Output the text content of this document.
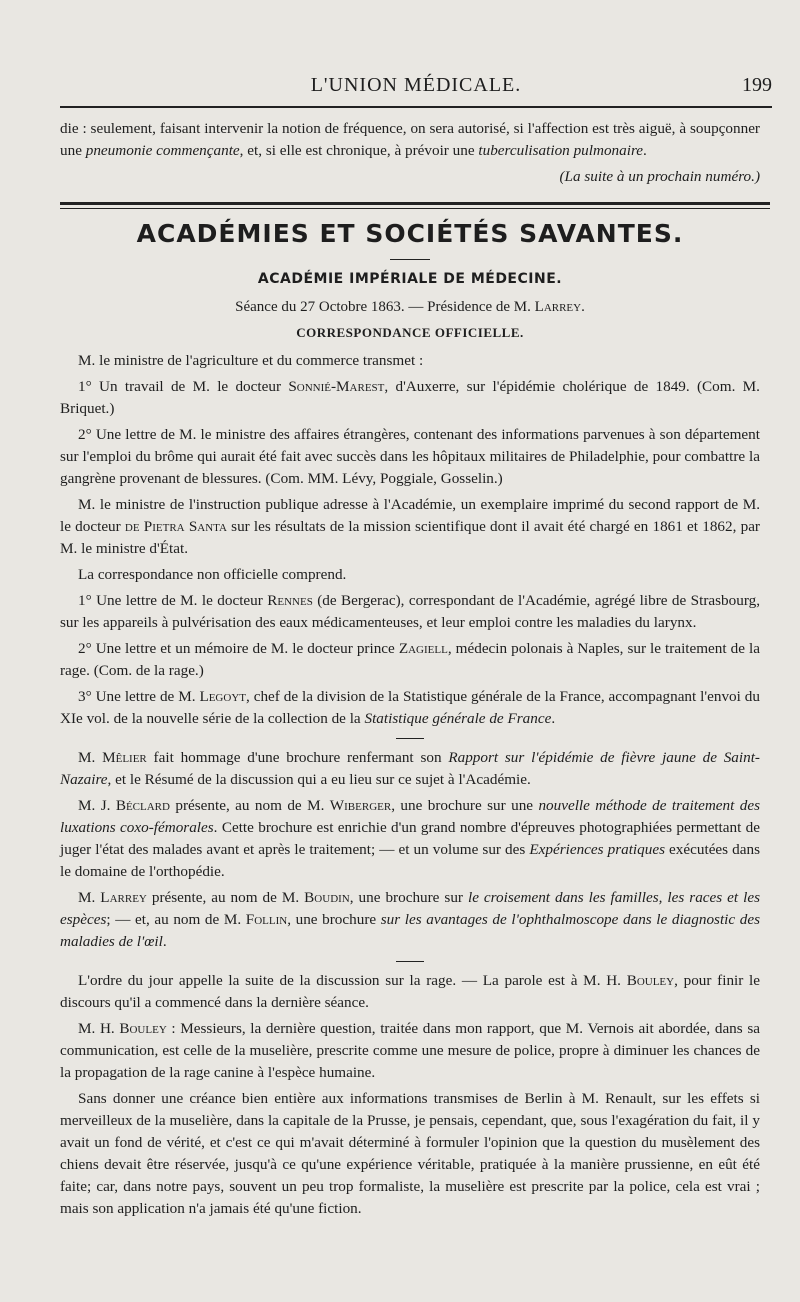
L'UNION MÉDICALE.	199

die : seulement, faisant intervenir la notion de fréquence, on sera autorisé, si l'affection est très aiguë, à soupçonner une pneumonie commençante, et, si elle est chronique, à prévoir une tuberculisation pulmonaire.

(La suite à un prochain numéro.)

ACADÉMIES ET SOCIÉTÉS SAVANTES.
ACADÉMIE IMPÉRIALE DE MÉDECINE.

Séance du 27 Octobre 1863. — Présidence de M. Larrey.

CORRESPONDANCE OFFICIELLE.

M. le ministre de l'agriculture et du commerce transmet :

1° Un travail de M. le docteur Sonnié-Marest, d'Auxerre, sur l'épidémie cholérique de 1849. (Com. M. Briquet.)

2° Une lettre de M. le ministre des affaires étrangères, contenant des informations parvenues à son département sur l'emploi du brôme qui aurait été fait avec succès dans les hôpitaux militaires de Philadelphie, pour combattre la gangrène provenant de blessures. (Com. MM. Lévy, Poggiale, Gosselin.)

M. le ministre de l'instruction publique adresse à l'Académie, un exemplaire imprimé du second rapport de M. le docteur de Pietra Santa sur les résultats de la mission scientifique dont il avait été chargé en 1861 et 1862, par M. le ministre d'État.

La correspondance non officielle comprend.

1° Une lettre de M. le docteur Rennes (de Bergerac), correspondant de l'Académie, agrégé libre de Strasbourg, sur les appareils à pulvérisation des eaux médicamenteuses, et leur emploi contre les maladies du larynx.

2° Une lettre et un mémoire de M. le docteur prince Zagiell, médecin polonais à Naples, sur le traitement de la rage. (Com. de la rage.)

3° Une lettre de M. Legoyt, chef de la division de la Statistique générale de la France, accompagnant l'envoi du XIe vol. de la nouvelle série de la collection de la Statistique générale de France.

M. Mêlier fait hommage d'une brochure renfermant son Rapport sur l'épidémie de fièvre jaune de Saint-Nazaire, et le Résumé de la discussion qui a eu lieu sur ce sujet à l'Académie.

M. J. Béclard présente, au nom de M. Wiberger, une brochure sur une nouvelle méthode de traitement des luxations coxo-fémorales. Cette brochure est enrichie d'un grand nombre d'épreuves photographiées permettant de juger l'état des malades avant et après le traitement; — et un volume sur des Expériences pratiques exécutées dans le domaine de l'orthopédie.

M. Larrey présente, au nom de M. Boudin, une brochure sur le croisement dans les familles, les races et les espèces; — et, au nom de M. Follin, une brochure sur les avantages de l'ophthalmoscope dans le diagnostic des maladies de l'œil.

L'ordre du jour appelle la suite de la discussion sur la rage. — La parole est à M. H. Bouley, pour finir le discours qu'il a commencé dans la dernière séance.

M. H. Bouley : Messieurs, la dernière question, traitée dans mon rapport, que M. Vernois ait abordée, dans sa communication, est celle de la muselière, prescrite comme une mesure de police, propre à diminuer les chances de la propagation de la rage canine à l'espèce humaine.

Sans donner une créance bien entière aux informations transmises de Berlin à M. Renault, sur les effets si merveilleux de la muselière, dans la capitale de la Prusse, je pensais, cependant, que, sous l'exagération du fait, il y avait un fond de vérité, et c'est ce qui m'avait déterminé à formuler l'opinion que la question du musèlement des chiens devait être réservée, jusqu'à ce qu'une expérience véritable, pratiquée à la manière prussienne, en eût été faite; car, dans notre pays, souvent un peu trop formaliste, la muselière est prescrite par la police, cela est vrai ; mais son application n'a jamais été qu'une fiction.
